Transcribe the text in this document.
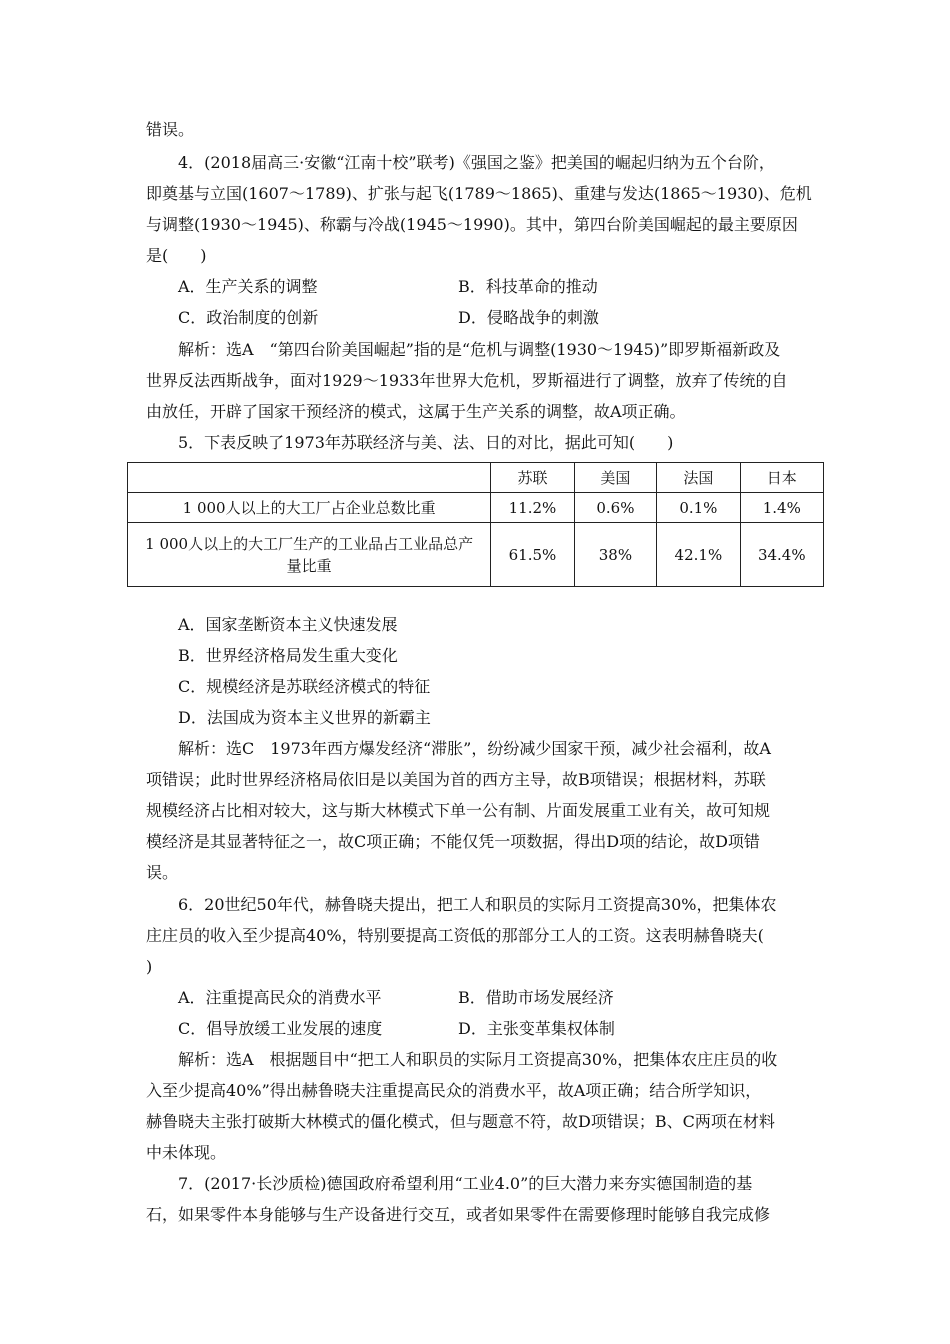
错误。
4．(2018届高三·安徽“江南十校”联考)《强国之鉴》把美国的崛起归纳为五个台阶，
即奠基与立国(1607～1789)、扩张与起飞(1789～1865)、重建与发达(1865～1930)、危机
与调整(1930～1945)、称霸与冷战(1945～1990)。其中，第四台阶美国崛起的最主要原因
是(　　)
A．生产关系的调整	B．科技革命的推动
C．政治制度的创新	D．侵略战争的刺激
解析：选A　“第四台阶美国崛起”指的是“危机与调整(1930～1945)”即罗斯福新政及
世界反法西斯战争，面对1929～1933年世界大危机，罗斯福进行了调整，放弃了传统的自
由放任，开辟了国家干预经济的模式，这属于生产关系的调整，故A项正确。
5．下表反映了1973年苏联经济与美、法、日的对比，据此可知(　　)
	苏联	美国	法国	日本
1 000人以上的大工厂占企业总数比重	11.2%	0.6%	0.1%	1.4%

1 000人以上的大工厂生产的工业品占工业品总产
量比重	61.5%	38%	42.1%	34.4%
A．国家垄断资本主义快速发展
B．世界经济格局发生重大变化
C．规模经济是苏联经济模式的特征
D．法国成为资本主义世界的新霸主
解析：选C　1973年西方爆发经济“滞胀”，纷纷减少国家干预，减少社会福利，故A
项错误；此时世界经济格局依旧是以美国为首的西方主导，故B项错误；根据材料，苏联
规模经济占比相对较大，这与斯大林模式下单一公有制、片面发展重工业有关，故可知规
模经济是其显著特征之一，故C项正确；不能仅凭一项数据，得出D项的结论，故D项错
误。
6．20世纪50年代，赫鲁晓夫提出，把工人和职员的实际月工资提高30%，把集体农
庄庄员的收入至少提高40%，特别要提高工资低的那部分工人的工资。这表明赫鲁晓夫(
)
A．注重提高民众的消费水平	B．借助市场发展经济
C．倡导放缓工业发展的速度	D．主张变革集权体制
解析：选A　根据题目中“把工人和职员的实际月工资提高30%，把集体农庄庄员的收
入至少提高40%”得出赫鲁晓夫注重提高民众的消费水平，故A项正确；结合所学知识，
赫鲁晓夫主张打破斯大林模式的僵化模式，但与题意不符，故D项错误；B、C两项在材料
中未体现。
7．(2017·长沙质检)德国政府希望利用“工业4.0”的巨大潜力来夯实德国制造的基
石，如果零件本身能够与生产设备进行交互，或者如果零件在需要修理时能够自我完成修
